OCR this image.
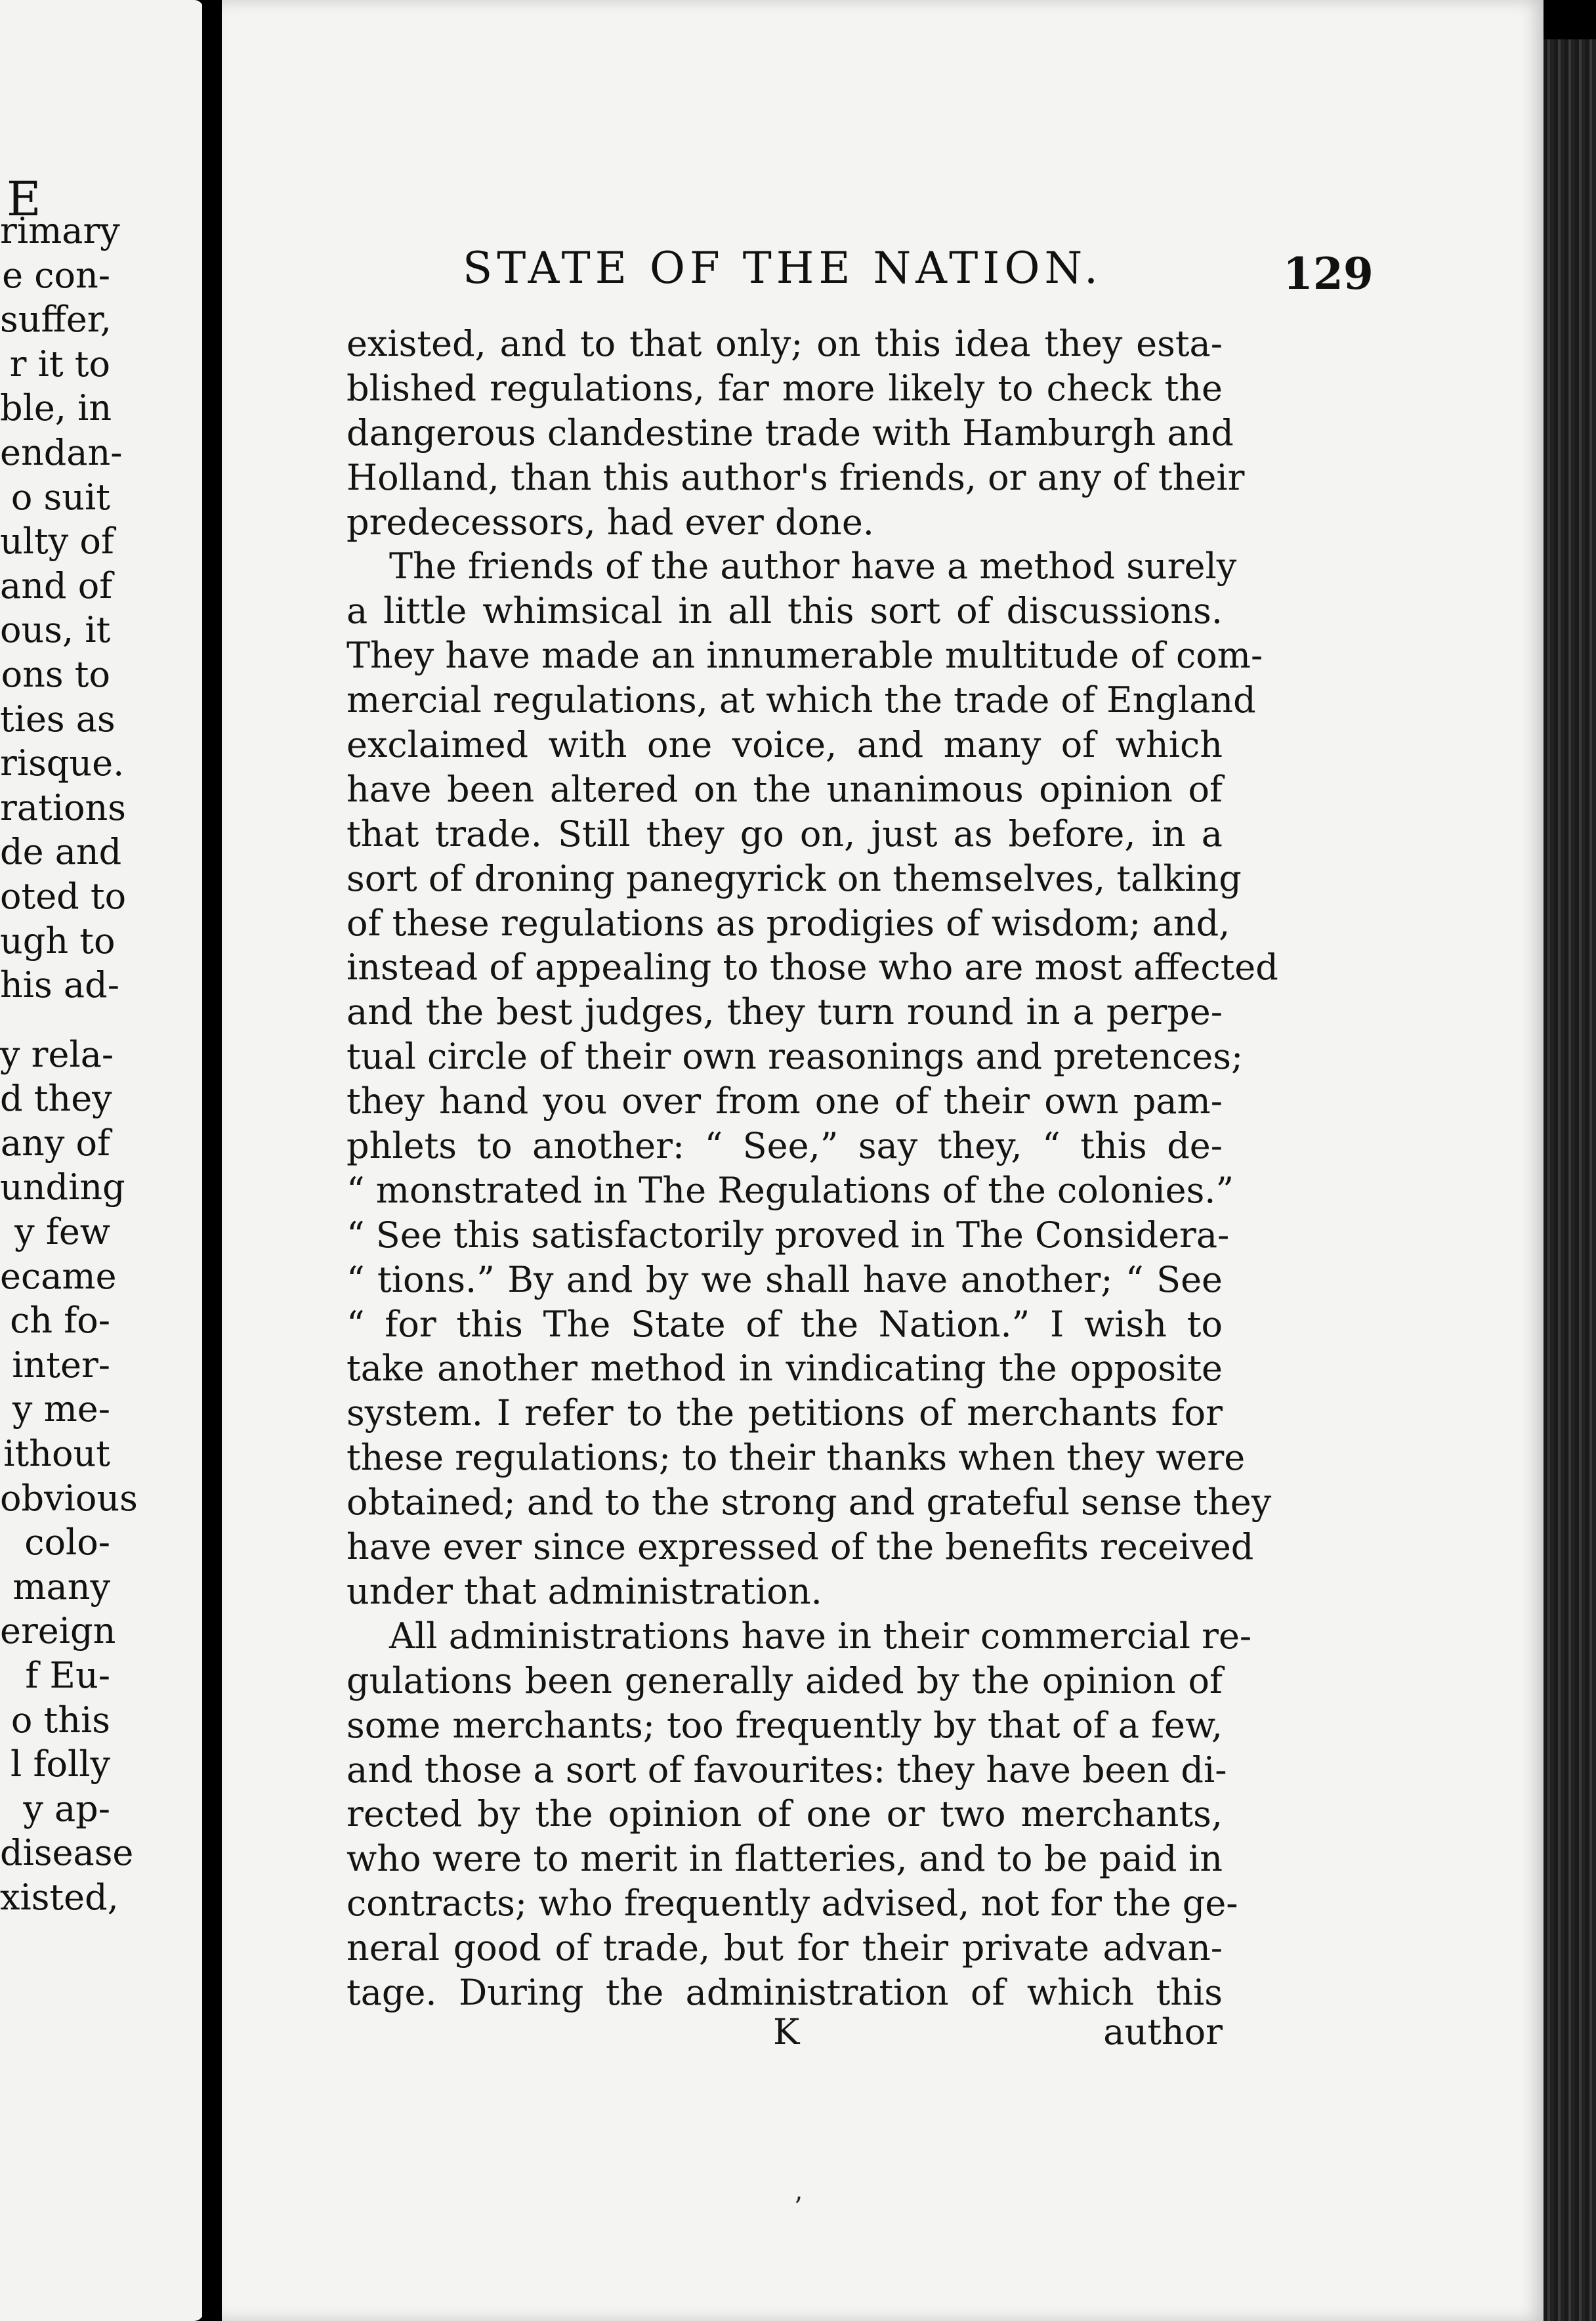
E
rimary
e con-
suffer,
r it to
ble, in
endan-
o suit
ulty of
and of
ous, it
ons to
ties as
risque.
rations
de and
oted to
ugh to
his ad-
y rela-
d they
any of
unding
y few
ecame
ch fo-
inter-
y me-
ithout
obvious
colo-
many
ereign
f Eu-
o this
l folly
y ap-
disease
xisted,
STATE OF THE NATION.	129
existed, and to that only; on this idea they esta-
blished regulations, far more likely to check the
dangerous clandestine trade with Hamburgh and
Holland, than this author's friends, or any of their
predecessors, had ever done.
The friends of the author have a method surely
a little whimsical in all this sort of discussions.
They have made an innumerable multitude of com-
mercial regulations, at which the trade of England
exclaimed with one voice, and many of which
have been altered on the unanimous opinion of
that trade. Still they go on, just as before, in a
sort of droning panegyrick on themselves, talking
of these regulations as prodigies of wisdom; and,
instead of appealing to those who are most affected
and the best judges, they turn round in a perpe-
tual circle of their own reasonings and pretences;
they hand you over from one of their own pam-
phlets to another: “ See,” say they, “ this de-
“ monstrated in The Regulations of the colonies.”
“ See this satisfactorily proved in The Considera-
“ tions.” By and by we shall have another; “ See
“ for this The State of the Nation.” I wish to
take another method in vindicating the opposite
system. I refer to the petitions of merchants for
these regulations; to their thanks when they were
obtained; and to the strong and grateful sense they
have ever since expressed of the benefits received
under that administration.
All administrations have in their commercial re-
gulations been generally aided by the opinion of
some merchants; too frequently by that of a few,
and those a sort of favourites: they have been di-
rected by the opinion of one or two merchants,
who were to merit in flatteries, and to be paid in
contracts; who frequently advised, not for the ge-
neral good of trade, but for their private advan-
tage. During the administration of which this
K	author
’
